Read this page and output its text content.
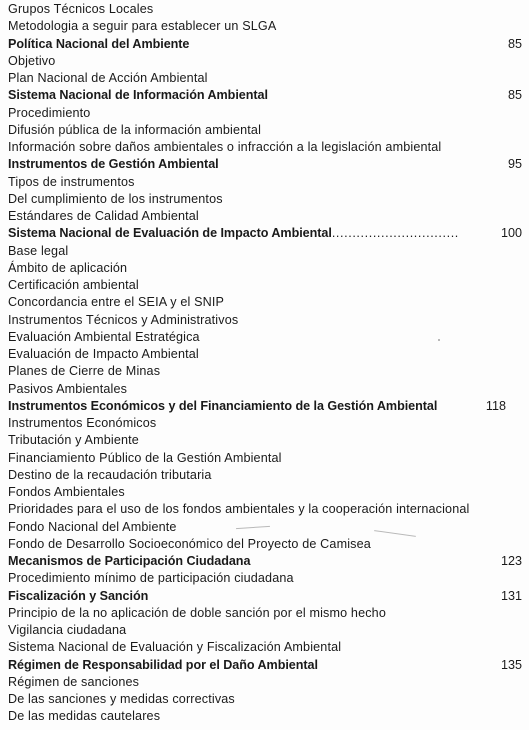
Grupos Técnicos Locales
Metodologia a seguir para establecer un SLGA
Política Nacional del Ambiente	85
Objetivo
Plan Nacional de Acción Ambiental
Sistema Nacional de Información Ambiental	85
Procedimiento
Difusión pública de la información ambiental
Información sobre daños ambientales o infracción a la legislación ambiental
Instrumentos de Gestión Ambiental	95
Tipos de instrumentos
Del cumplimiento de los instrumentos
Estándares de Calidad Ambiental
Sistema Nacional de Evaluación de Impacto Ambiental...............................	100
Base legal
Ámbito de aplicación
Certificación ambiental
Concordancia entre el SEIA y el SNIP
Instrumentos Técnicos y Administrativos
Evaluación Ambiental Estratégica
Evaluación de Impacto Ambiental
Planes de Cierre de Minas
Pasivos Ambientales
Instrumentos Económicos y del Financiamiento de la Gestión Ambiental	118
Instrumentos Económicos
Tributación y Ambiente
Financiamiento Público de la Gestión Ambiental
Destino de la recaudación tributaria
Fondos Ambientales
Prioridades para el uso de los fondos ambientales y la cooperación internacional
Fondo Nacional del Ambiente
Fondo de Desarrollo Socioeconómico del Proyecto de Camisea
Mecanismos de Participación Ciudadana	123
Procedimiento mínimo de participación ciudadana
Fiscalización y Sanción	131
Principio de la no aplicación de doble sanción por el mismo hecho
Vigilancia ciudadana
Sistema Nacional de Evaluación y Fiscalización Ambiental
Régimen de Responsabilidad por el Daño Ambiental	135
Régimen de sanciones
De las sanciones y medidas correctivas
De las medidas cautelares
